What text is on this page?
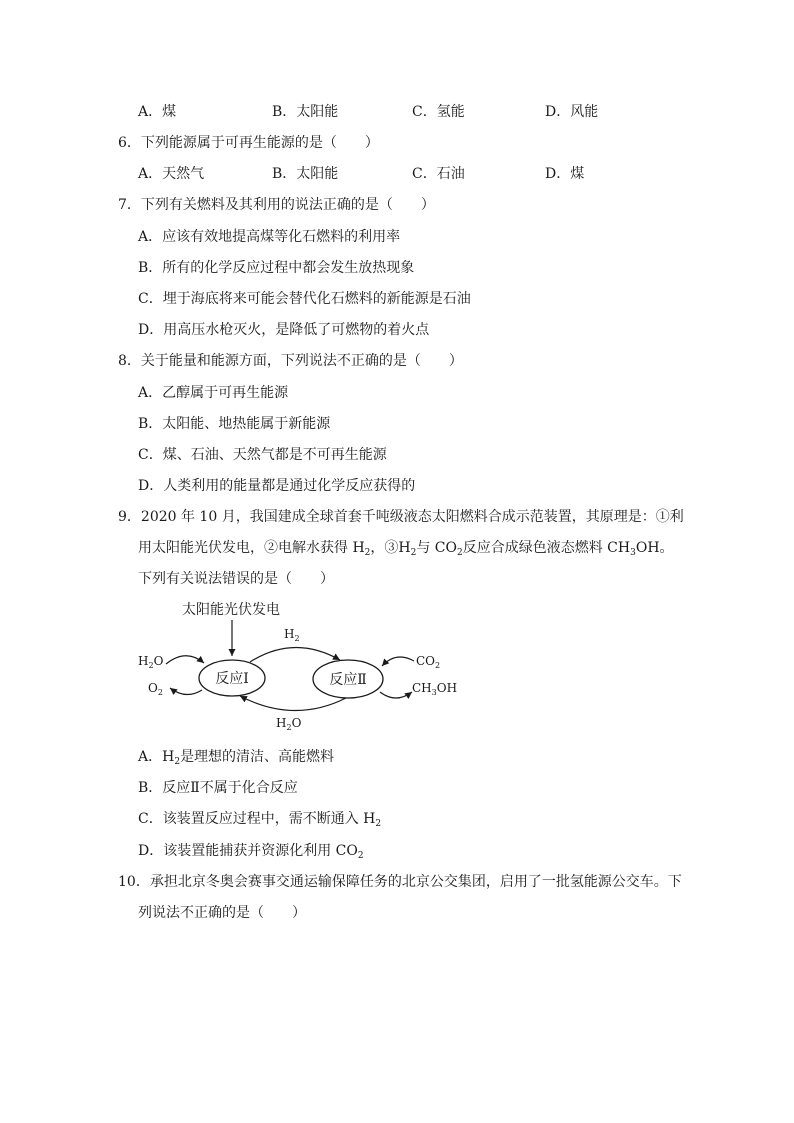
A．煤	B．太阳能	C．氢能	D．风能
6．下列能源属于可再生能源的是（　　）
A．天然气	B．太阳能	C．石油	D．煤
7．下列有关燃料及其利用的说法正确的是（　　）
A．应该有效地提高煤等化石燃料的利用率
B．所有的化学反应过程中都会发生放热现象
C．埋于海底将来可能会替代化石燃料的新能源是石油
D．用高压水枪灭火，是降低了可燃物的着火点
8．关于能量和能源方面，下列说法不正确的是（　　）
A．乙醇属于可再生能源
B．太阳能、地热能属于新能源
C．煤、石油、天然气都是不可再生能源
D．人类利用的能量都是通过化学反应获得的
9．2020 年 10 月，我国建成全球首套千吨级液态太阳燃料合成示范装置，其原理是：①利
用太阳能光伏发电，②电解水获得 $H_2$，$③H_2$与 $CO_2$反应合成绿色液态燃料 $CH_3OH$。
下列有关说法错误的是（　　）
太阳能光伏发电
反应Ⅰ	反应Ⅱ
$H_2$
$H_2O$
$H_2O$
$O_2$
$CO_2$
$CH_3OH$
A．$H_2$是理想的清洁、高能燃料
B．反应Ⅱ不属于化合反应
C．该装置反应过程中，需不断通入 $H_2$
D．该装置能捕获并资源化利用 $CO_2$
10．承担北京冬奥会赛事交通运输保障任务的北京公交集团，启用了一批氢能源公交车。下
列说法不正确的是（　　）
